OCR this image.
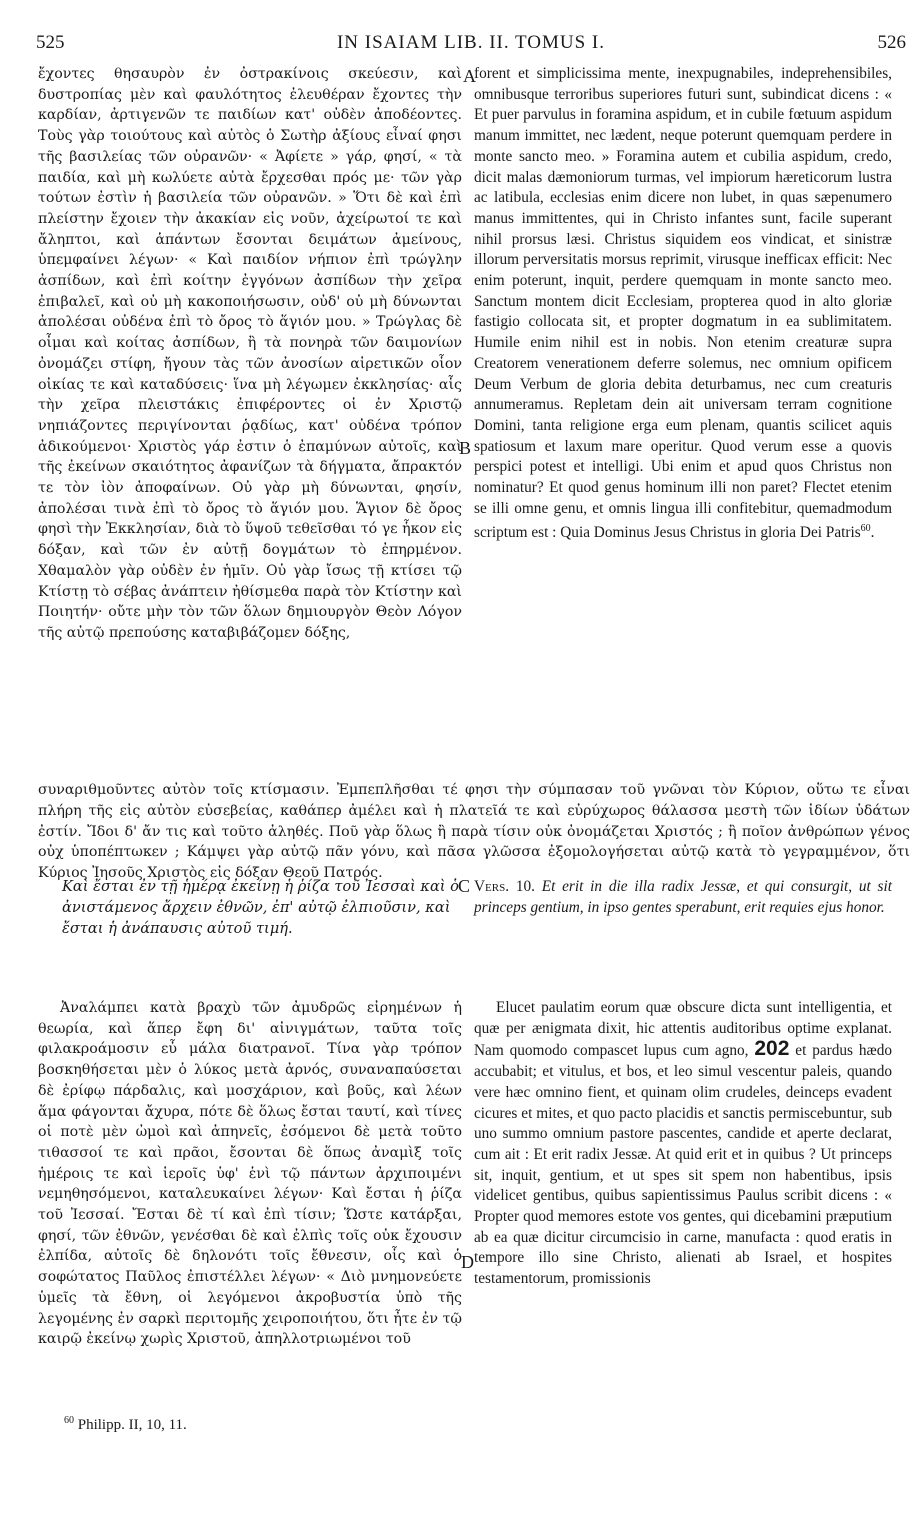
525	IN ISAIAM LIB. II. TOMUS I.	526

ἔχοντες θησαυρὸν ἐν ὀστρακίνοις σκεύεσιν, καὶ δυστροπίας μὲν καὶ φαυλότητος ἐλευθέραν ἔχοντες τὴν καρδίαν, ἀρτιγενῶν τε παιδίων κατ' οὐδὲν ἀποδέοντες. Τοὺς γὰρ τοιούτους καὶ αὐτὸς ὁ Σωτὴρ ἀξίους εἶναί φησι τῆς βασιλείας τῶν οὐρανῶν· « Ἀφίετε » γάρ, φησί, « τὰ παιδία, καὶ μὴ κωλύετε αὐτὰ ἔρχεσθαι πρός με· τῶν γὰρ τούτων ἐστὶν ἡ βασιλεία τῶν οὐρανῶν. » Ὅτι δὲ καὶ ἐπὶ πλείστην ἔχοιεν τὴν ἀκακίαν εἰς νοῦν, ἀχείρωτοί τε καὶ ἄληπτοι, καὶ ἁπάντων ἔσονται δειμάτων ἀμείνους, ὑπεμφαίνει λέγων· « Καὶ παιδίον νήπιον ἐπὶ τρώγλην ἀσπίδων, καὶ ἐπὶ κοίτην ἐγγόνων ἀσπίδων τὴν χεῖρα ἐπιβαλεῖ, καὶ οὐ μὴ κακοποιήσωσιν, οὐδ' οὐ μὴ δύνωνται ἀπολέσαι οὐδένα ἐπὶ τὸ ὄρος τὸ ἅγιόν μου. » Τρώγλας δὲ οἶμαι καὶ κοίτας ἀσπίδων, ἢ τὰ πονηρὰ τῶν δαιμονίων ὀνομάζει στίφη, ἤγουν τὰς τῶν ἀνοσίων αἱρετικῶν οἷον οἰκίας τε καὶ καταδύσεις· ἵνα μὴ λέγωμεν ἐκκλησίας· αἷς τὴν χεῖρα πλειστάκις ἐπιφέροντες οἱ ἐν Χριστῷ νηπιάζοντες περιγίνονται ῥᾳδίως, κατ' οὐδένα τρόπον ἀδικούμενοι· Χριστὸς γάρ ἐστιν ὁ ἐπαμύνων αὐτοῖς, καὶ τῆς ἐκείνων σκαιότητος ἀφανίζων τὰ δήγματα, ἄπρακτόν τε τὸν ἰὸν ἀποφαίνων. Οὐ γὰρ μὴ δύνωνται, φησίν, ἀπολέσαι τινὰ ἐπὶ τὸ ὄρος τὸ ἅγιόν μου. Ἅγιον δὲ ὄρος φησὶ τὴν Ἐκκλησίαν, διὰ τὸ ὕψοῦ τεθεῖσθαι τό γε ἧκον εἰς δόξαν, καὶ τῶν ἐν αὐτῇ δογμάτων τὸ ἐπηρμένον. Χθαμαλὸν γὰρ οὐδὲν ἐν ἡμῖν. Οὐ γὰρ ἴσως τῇ κτίσει τῷ Κτίστῃ τὸ σέβας ἀνάπτειν ἠθίσμεθα παρὰ τὸν Κτίστην καὶ Ποιητήν· οὔτε μὴν τὸν τῶν ὅλων δημιουργὸν Θεὸν Λόγον τῆς αὐτῷ πρεπούσης καταβιβάζομεν δόξης,

A
B

forent et simplicissima mente, inexpugnabiles, indeprehensibiles, omnibusque terroribus superiores futuri sunt, subindicat dicens : « Et puer parvulus in foramina aspidum, et in cubile fœtuum aspidum manum immittet, nec lædent, neque poterunt quemquam perdere in monte sancto meo. » Foramina autem et cubilia aspidum, credo, dicit malas dæmoniorum turmas, vel impiorum hæreticorum lustra ac latibula, ecclesias enim dicere non lubet, in quas sæpenumero manus immittentes, qui in Christo infantes sunt, facile superant nihil prorsus læsi. Christus siquidem eos vindicat, et sinistræ illorum perversitatis morsus reprimit, virusque inefficax efficit: Nec enim poterunt, inquit, perdere quemquam in monte sancto meo. Sanctum montem dicit Ecclesiam, propterea quod in alto gloriæ fastigio collocata sit, et propter dogmatum in ea sublimitatem. Humile enim nihil est in nobis. Non etenim creaturæ supra Creatorem venerationem deferre solemus, nec omnium opificem Deum Verbum de gloria debita deturbamus, nec cum creaturis annumeramus. Repletam dein ait universam terram cognitione Domini, tanta religione erga eum plenam, quantis scilicet aquis spatiosum et laxum mare operitur. Quod verum esse a quovis perspici potest et intelligi. Ubi enim et apud quos Christus non nominatur? Et quod genus hominum illi non paret? Flectet etenim se illi omne genu, et omnis lingua illi confitebitur, quemadmodum scriptum est : Quia Dominus Jesus Christus in gloria Dei Patris$^{60}$.

συναριθμοῦντες αὐτὸν τοῖς κτίσμασιν. Ἐμπεπλῆσθαι τέ φησι τὴν σύμπασαν τοῦ γνῶναι τὸν Κύριον, οὕτω τε εἶναι πλήρη τῆς εἰς αὐτὸν εὐσεβείας, καθάπερ ἀμέλει καὶ ἡ πλατεῖά τε καὶ εὐρύχωρος θάλασσα μεστὴ τῶν ἰδίων ὑδάτων ἐστίν. Ἴδοι δ' ἄν τις καὶ τοῦτο ἀληθές. Ποῦ γὰρ ὅλως ἢ παρὰ τίσιν οὐκ ὀνομάζεται Χριστός ; ἢ ποῖον ἀνθρώπων γένος οὐχ ὑποπέπτωκεν ; Κάμψει γὰρ αὐτῷ πᾶν γόνυ, καὶ πᾶσα γλῶσσα ἐξομολογήσεται αὐτῷ κατὰ τὸ γεγραμμένον, ὅτι Κύριος Ἰησοῦς Χριστὸς εἰς δόξαν Θεοῦ Πατρός.
Καὶ ἔσται ἐν τῇ ἡμέρᾳ ἐκείνῃ ἡ ῥίζα τοῦ Ἰεσσαὶ καὶ ὁ ἀνιστάμενος ἄρχειν ἐθνῶν, ἐπ' αὐτῷ ἐλπιοῦσιν, καὶ ἔσται ἡ ἀνάπαυσις αὐτοῦ τιμή.
C Vers. 10. Et erit in die illa radix Jessæ, et qui consurgit, ut sit princeps gentium, in ipso gentes sperabunt, erit requies ejus honor.

Ἀναλάμπει κατὰ βραχὺ τῶν ἀμυδρῶς εἰρημένων ἡ θεωρία, καὶ ἅπερ ἔφη δι' αἰνιγμάτων, ταῦτα τοῖς φιλακροάμοσιν εὖ μάλα διατρανοῖ. Τίνα γὰρ τρόπον βοσκηθήσεται μὲν ὁ λύκος μετὰ ἀρνός, συναναπαύσεται δὲ ἐρίφῳ πάρδαλις, καὶ μοσχάριον, καὶ βοῦς, καὶ λέων ἅμα φάγονται ἄχυρα, πότε δὲ ὅλως ἔσται ταυτί, καὶ τίνες οἱ ποτὲ μὲν ὠμοὶ καὶ ἀπηνεῖς, ἐσόμενοι δὲ μετὰ τοῦτο τιθασσοί τε καὶ πρᾶοι, ἔσονται δὲ ὅπως ἀναμὶξ τοῖς ἡμέροις τε καὶ ἱεροῖς ὑφ' ἑνὶ τῷ πάντων ἀρχιποιμένι νεμηθησόμενοι, καταλευκαίνει λέγων· Καὶ ἔσται ἡ ῥίζα τοῦ Ἰεσσαί. Ἔσται δὲ τί καὶ ἐπὶ τίσιν; Ὥστε κατάρξαι, φησί, τῶν ἐθνῶν, γενέσθαι δὲ καὶ ἐλπὶς τοῖς οὐκ ἔχουσιν ἐλπίδα, αὐτοῖς δὲ δηλονότι τοῖς ἔθνεσιν, οἷς καὶ ὁ σοφώτατος Παῦλος ἐπιστέλλει λέγων· « Διὸ μνημονεύετε ὑμεῖς τὰ ἔθνη, οἱ λεγόμενοι ἀκροβυστία ὑπὸ τῆς λεγομένης ἐν σαρκὶ περιτομῆς χειροποιήτου, ὅτι ἦτε ἐν τῷ καιρῷ ἐκείνῳ χωρὶς Χριστοῦ, ἀπηλλοτριωμένοι τοῦ

D

Elucet paulatim eorum quæ obscure dicta sunt intelligentia, et quæ per ænigmata dixit, hic attentis auditoribus optime explanat. Nam quomodo compascet lupus cum agno, 202 et pardus hædo accubabit; et vitulus, et bos, et leo simul vescentur paleis, quando vere hæc omnino fient, et quinam olim crudeles, deinceps evadent cicures et mites, et quo pacto placidis et sanctis permiscebuntur, sub uno summo omnium pastore pascentes, candide et aperte declarat, cum ait : Et erit radix Jessæ. At quid erit et in quibus ? Ut princeps sit, inquit, gentium, et ut spes sit spem non habentibus, ipsis videlicet gentibus, quibus sapientissimus Paulus scribit dicens : « Propter quod memores estote vos gentes, qui dicebamini præputium ab ea quæ dicitur circumcisio in carne, manufacta : quod eratis in tempore illo sine Christo, alienati ab Israel, et hospites testamentorum, promissionis

$^{60}$ Philipp. II, 10, 11.
